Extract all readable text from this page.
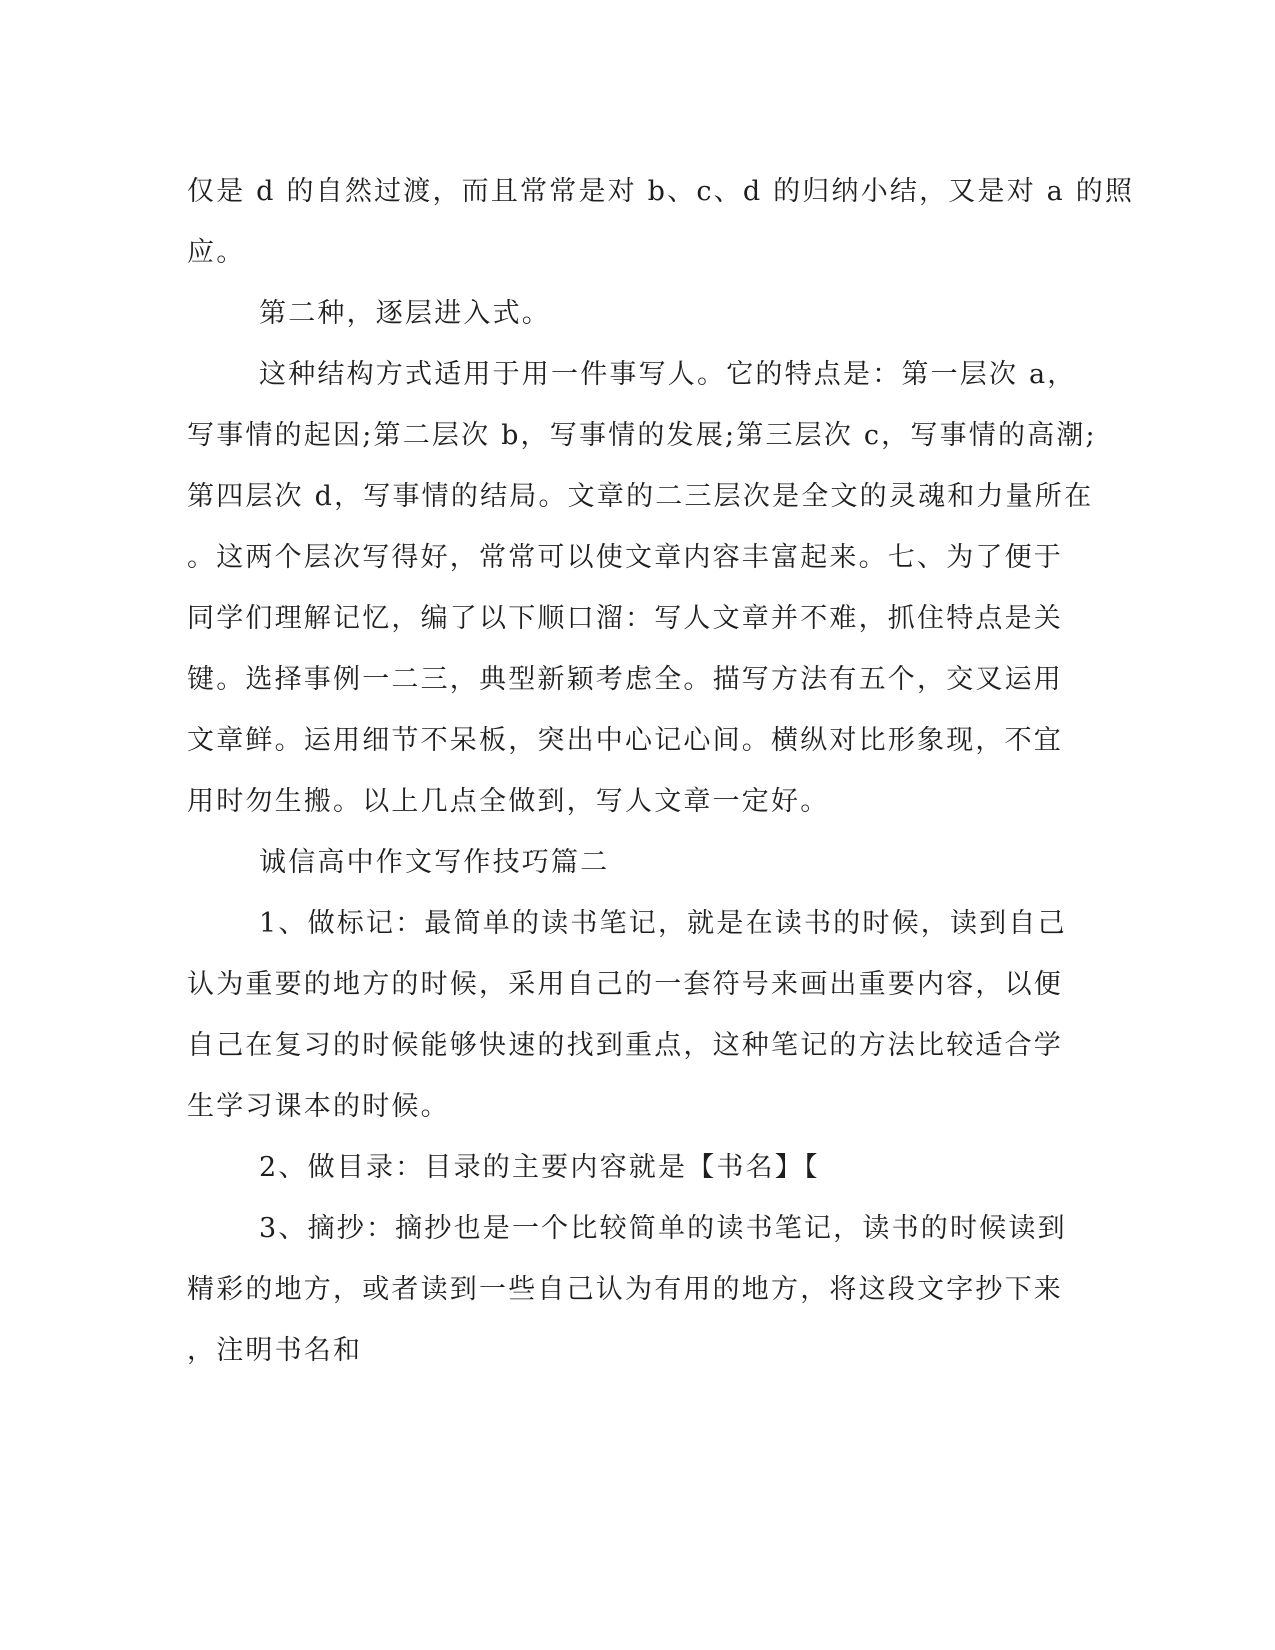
仅是 d 的自然过渡，而且常常是对 b、c、d 的归纳小结，又是对 a 的照
应。
第二种，逐层进入式。
这种结构方式适用于用一件事写人。它的特点是：第一层次 a，
写事情的起因;第二层次 b，写事情的发展;第三层次 c，写事情的高潮;
第四层次 d，写事情的结局。文章的二三层次是全文的灵魂和力量所在
。这两个层次写得好，常常可以使文章内容丰富起来。七、为了便于
同学们理解记忆，编了以下顺口溜：写人文章并不难，抓住特点是关
键。选择事例一二三，典型新颖考虑全。描写方法有五个，交叉运用
文章鲜。运用细节不呆板，突出中心记心间。横纵对比形象现，不宜
用时勿生搬。以上几点全做到，写人文章一定好。
诚信高中作文写作技巧篇二
1、做标记：最简单的读书笔记，就是在读书的时候，读到自己
认为重要的地方的时候，采用自己的一套符号来画出重要内容，以便
自己在复习的时候能够快速的找到重点，这种笔记的方法比较适合学
生学习课本的时候。
2、做目录：目录的主要内容就是【书名】【
3、摘抄：摘抄也是一个比较简单的读书笔记，读书的时候读到
精彩的地方，或者读到一些自己认为有用的地方，将这段文字抄下来
，注明书名和
